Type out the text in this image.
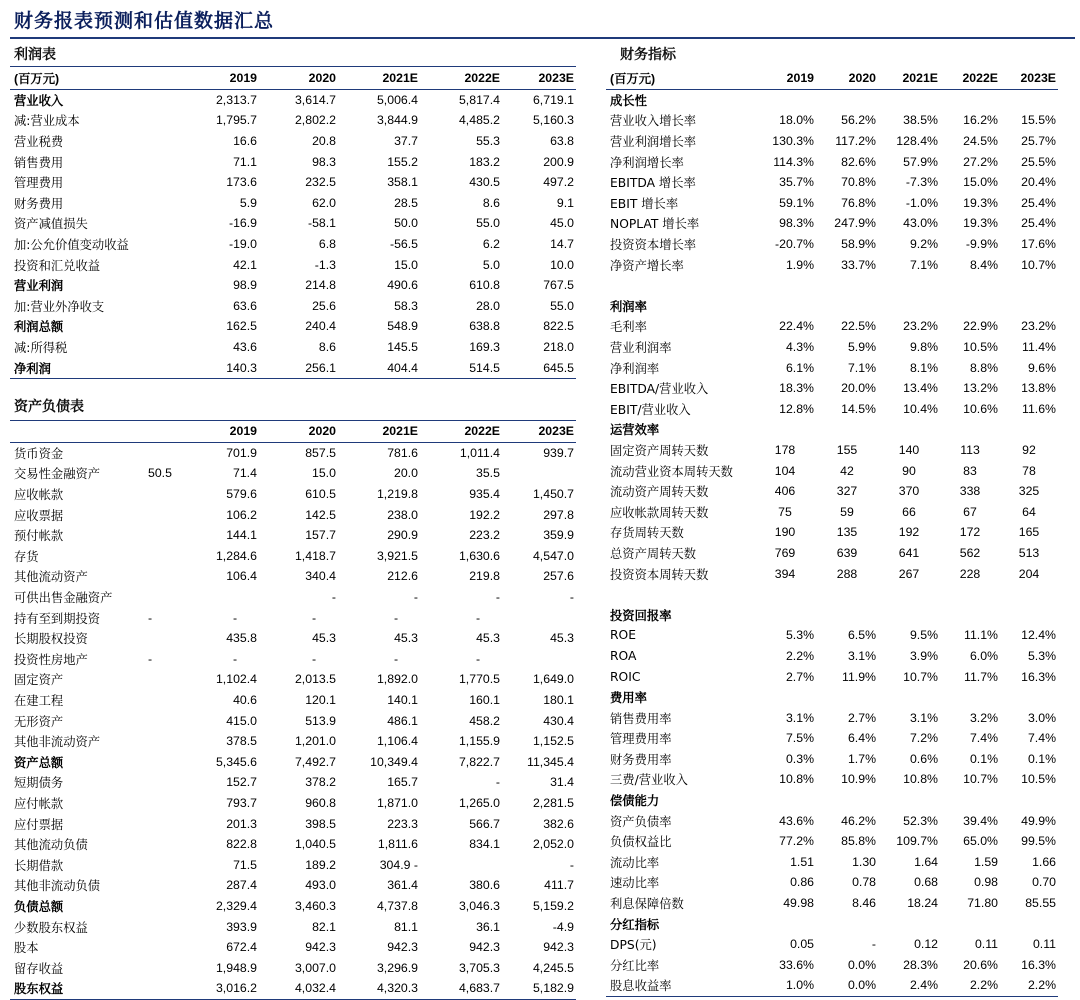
财务报表预测和估值数据汇总
利润表
(百万元)	2019	2020	2021E	2022E	2023E
营业收入	2,313.7	3,614.7	5,006.4	5,817.4	6,719.1
减:营业成本	1,795.7	2,802.2	3,844.9	4,485.2	5,160.3
营业税费	16.6	20.8	37.7	55.3	63.8
销售费用	71.1	98.3	155.2	183.2	200.9
管理费用	173.6	232.5	358.1	430.5	497.2
财务费用	5.9	62.0	28.5	8.6	9.1
资产减值损失	-16.9	-58.1	50.0	55.0	45.0
加:公允价值变动收益	-19.0	6.8	-56.5	6.2	14.7
投资和汇兑收益	42.1	-1.3	15.0	5.0	10.0
营业利润	98.9	214.8	490.6	610.8	767.5
加:营业外净收支	63.6	25.6	58.3	28.0	55.0
利润总额	162.5	240.4	548.9	638.8	822.5
减:所得税	43.6	8.6	145.5	169.3	218.0
净利润	140.3	256.1	404.4	514.5	645.5
资产负债表
	2019	2020	2021E	2022E	2023E
货币资金	701.9	857.5	781.6	1,011.4	939.7
交易性金融资产	50.5	71.4	15.0	20.0	35.5
应收帐款	579.6	610.5	1,219.8	935.4	1,450.7
应收票据	106.2	142.5	238.0	192.2	297.8
预付帐款	144.1	157.7	290.9	223.2	359.9
存货	1,284.6	1,418.7	3,921.5	1,630.6	4,547.0
其他流动资产	106.4	340.4	212.6	219.8	257.6
可供出售金融资产		-	-	-	-
持有至到期投资	-	-	-	-	-
长期股权投资	435.8	45.3	45.3	45.3	45.3
投资性房地产	-	-	-	-	-
固定资产	1,102.4	2,013.5	1,892.0	1,770.5	1,649.0
在建工程	40.6	120.1	140.1	160.1	180.1
无形资产	415.0	513.9	486.1	458.2	430.4
其他非流动资产	378.5	1,201.0	1,106.4	1,155.9	1,152.5
资产总额	5,345.6	7,492.7	10,349.4	7,822.7	11,345.4
短期债务	152.7	378.2	165.7	-	31.4
应付帐款	793.7	960.8	1,871.0	1,265.0	2,281.5
应付票据	201.3	398.5	223.3	566.7	382.6
其他流动负债	822.8	1,040.5	1,811.6	834.1	2,052.0
长期借款	71.5	189.2	304.9 -		-
其他非流动负债	287.4	493.0	361.4	380.6	411.7
负债总额	2,329.4	3,460.3	4,737.8	3,046.3	5,159.2
少数股东权益	393.9	82.1	81.1	36.1	-4.9
股本	672.4	942.3	942.3	942.3	942.3
留存收益	1,948.9	3,007.0	3,296.9	3,705.3	4,245.5
股东权益	3,016.2	4,032.4	4,320.3	4,683.7	5,182.9
财务指标
(百万元)	2019	2020	2021E	2022E	2023E
成长性					
营业收入增长率	18.0%	56.2%	38.5%	16.2%	15.5%
营业利润增长率	130.3%	117.2%	128.4%	24.5%	25.7%
净利润增长率	114.3%	82.6%	57.9%	27.2%	25.5%
EBITDA 增长率	35.7%	70.8%	-7.3%	15.0%	20.4%
EBIT 增长率	59.1%	76.8%	-1.0%	19.3%	25.4%
NOPLAT 增长率	98.3%	247.9%	43.0%	19.3%	25.4%
投资资本增长率	-20.7%	58.9%	9.2%	-9.9%	17.6%
净资产增长率	1.9%	33.7%	7.1%	8.4%	10.7%

利润率					
毛利率	22.4%	22.5%	23.2%	22.9%	23.2%
营业利润率	4.3%	5.9%	9.8%	10.5%	11.4%
净利润率	6.1%	7.1%	8.1%	8.8%	9.6%
EBITDA/营业收入	18.3%	20.0%	13.4%	13.2%	13.8%
EBIT/营业收入	12.8%	14.5%	10.4%	10.6%	11.6%
运营效率					
固定资产周转天数	178	155	140	113	92
流动营业资本周转天数	104	42	90	83	78
流动资产周转天数	406	327	370	338	325
应收帐款周转天数	75	59	66	67	64
存货周转天数	190	135	192	172	165
总资产周转天数	769	639	641	562	513
投资资本周转天数	394	288	267	228	204

投资回报率					
ROE	5.3%	6.5%	9.5%	11.1%	12.4%
ROA	2.2%	3.1%	3.9%	6.0%	5.3%
ROIC	2.7%	11.9%	10.7%	11.7%	16.3%
费用率					
销售费用率	3.1%	2.7%	3.1%	3.2%	3.0%
管理费用率	7.5%	6.4%	7.2%	7.4%	7.4%
财务费用率	0.3%	1.7%	0.6%	0.1%	0.1%
三费/营业收入	10.8%	10.9%	10.8%	10.7%	10.5%
偿债能力					
资产负债率	43.6%	46.2%	52.3%	39.4%	49.9%
负债权益比	77.2%	85.8%	109.7%	65.0%	99.5%
流动比率	1.51	1.30	1.64	1.59	1.66
速动比率	0.86	0.78	0.68	0.98	0.70
利息保障倍数	49.98	8.46	18.24	71.80	85.55
分红指标					
DPS(元)	0.05	-	0.12	0.11	0.11
分红比率	33.6%	0.0%	28.3%	20.6%	16.3%
股息收益率	1.0%	0.0%	2.4%	2.2%	2.2%
